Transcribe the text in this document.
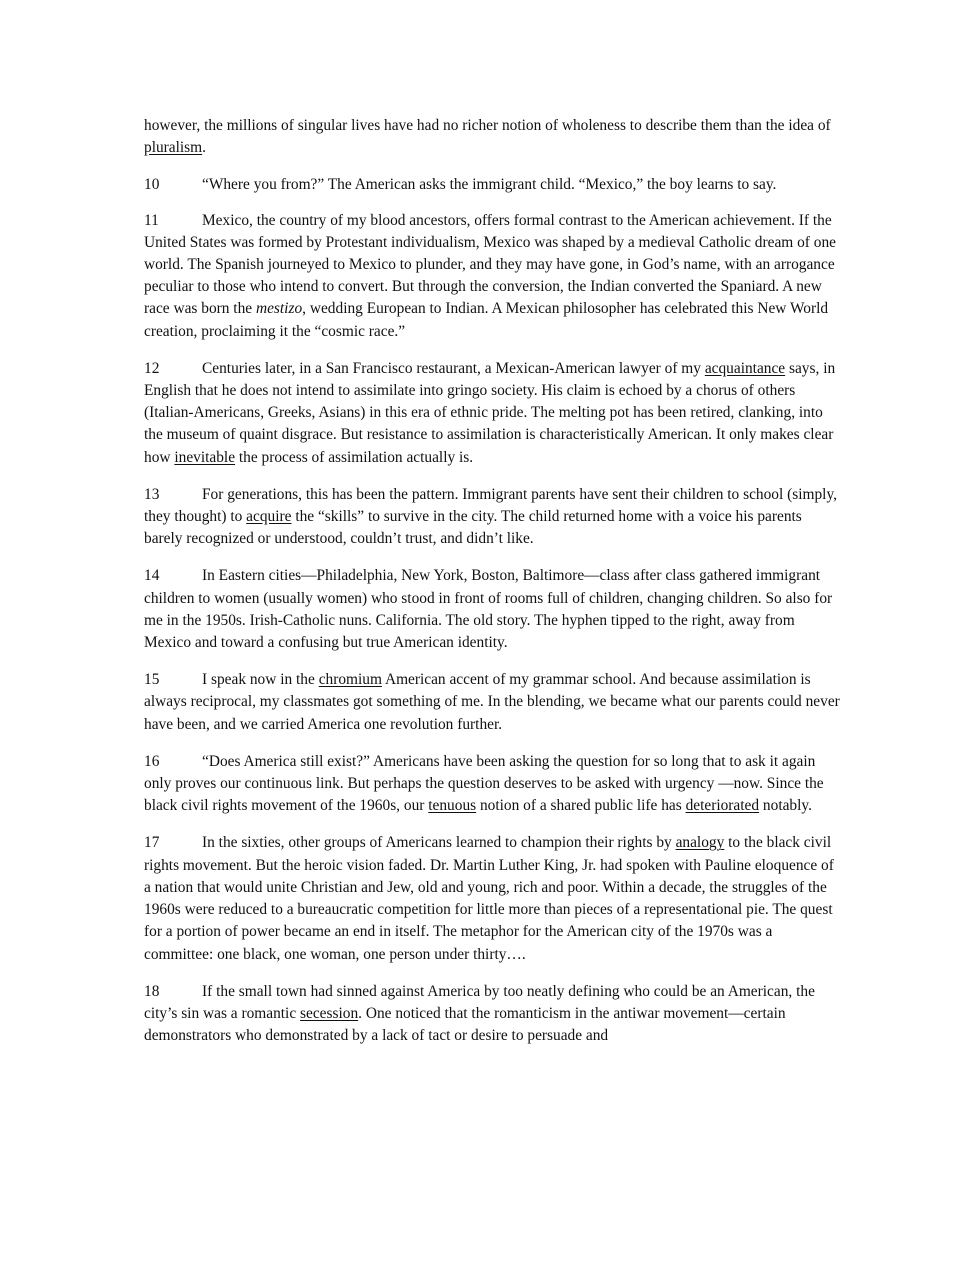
however, the millions of singular lives have had no richer notion of wholeness to describe them than the idea of pluralism.

10	“Where you from?” The American asks the immigrant child. “Mexico,” the boy learns to say.

11	Mexico, the country of my blood ancestors, offers formal contrast to the American achievement. If the United States was formed by Protestant individualism, Mexico was shaped by a medieval Catholic dream of one world. The Spanish journeyed to Mexico to plunder, and they may have gone, in God’s name, with an arrogance peculiar to those who intend to convert. But through the conversion, the Indian converted the Spaniard. A new race was born the mestizo, wedding European to Indian. A Mexican philosopher has celebrated this New World creation, proclaiming it the “cosmic race.”

12	Centuries later, in a San Francisco restaurant, a Mexican-American lawyer of my acquaintance says, in English that he does not intend to assimilate into gringo society. His claim is echoed by a chorus of others (Italian-Americans, Greeks, Asians) in this era of ethnic pride. The melting pot has been retired, clanking, into the museum of quaint disgrace. But resistance to assimilation is characteristically American. It only makes clear how inevitable the process of assimilation actually is.

13	For generations, this has been the pattern. Immigrant parents have sent their children to school (simply, they thought) to acquire the “skills” to survive in the city. The child returned home with a voice his parents barely recognized or understood, couldn’t trust, and didn’t like.

14	In Eastern cities—Philadelphia, New York, Boston, Baltimore—class after class gathered immigrant children to women (usually women) who stood in front of rooms full of children, changing children. So also for me in the 1950s. Irish-Catholic nuns. California. The old story. The hyphen tipped to the right, away from Mexico and toward a confusing but true American identity.

15	I speak now in the chromium American accent of my grammar school. And because assimilation is always reciprocal, my classmates got something of me. In the blending, we became what our parents could never have been, and we carried America one revolution further.

16	“Does America still exist?” Americans have been asking the question for so long that to ask it again only proves our continuous link. But perhaps the question deserves to be asked with urgency —now. Since the black civil rights movement of the 1960s, our tenuous notion of a shared public life has deteriorated notably.

17	In the sixties, other groups of Americans learned to champion their rights by analogy to the black civil rights movement. But the heroic vision faded. Dr. Martin Luther King, Jr. had spoken with Pauline eloquence of a nation that would unite Christian and Jew, old and young, rich and poor. Within a decade, the struggles of the 1960s were reduced to a bureaucratic competition for little more than pieces of a representational pie. The quest for a portion of power became an end in itself. The metaphor for the American city of the 1970s was a committee: one black, one woman, one person under thirty….

18	If the small town had sinned against America by too neatly defining who could be an American, the city’s sin was a romantic secession. One noticed that the romanticism in the antiwar movement—certain demonstrators who demonstrated by a lack of tact or desire to persuade and
